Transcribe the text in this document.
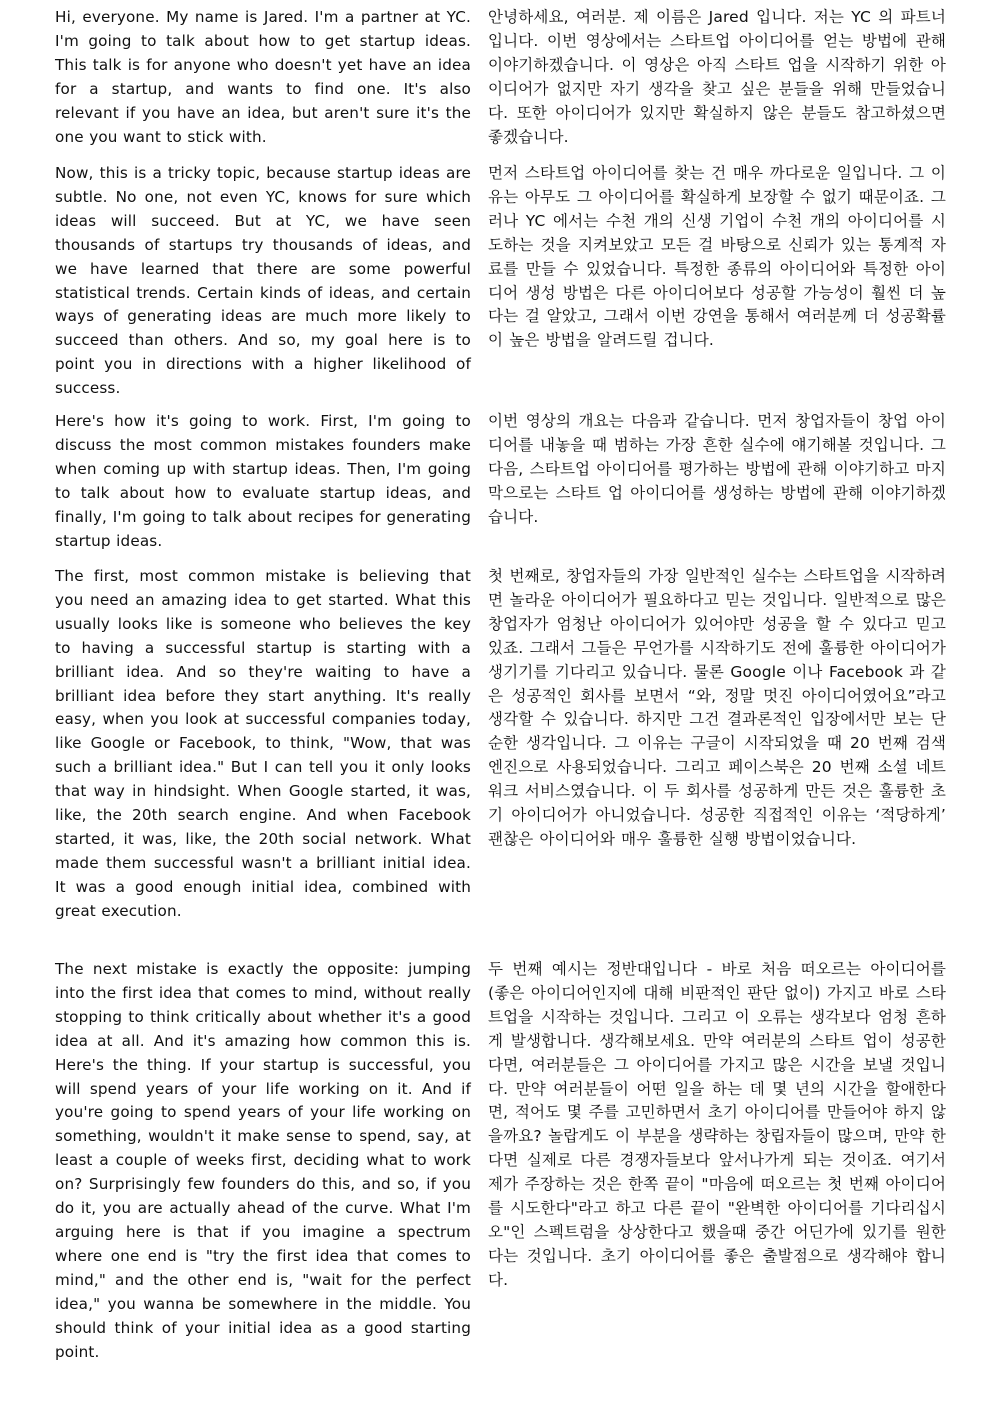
Hi, everyone. My name is Jared. I'm a partner at YC. I'm going to talk about how to get startup ideas. This talk is for anyone who doesn't yet have an idea for a startup, and wants to find one. It's also relevant if you have an idea, but aren't sure it's the one you want to stick with.

안녕하세요, 여러분. 제 이름은 Jared 입니다. 저는 YC 의 파트너입니다. 이번 영상에서는 스타트업 아이디어를 얻는 방법에 관해 이야기하겠습니다. 이 영상은 아직 스타트 업을 시작하기 위한 아이디어가 없지만 자기 생각을 찾고 싶은 분들을 위해 만들었습니다. 또한 아이디어가 있지만 확실하지 않은 분들도 참고하셨으면 좋겠습니다.

Now, this is a tricky topic, because startup ideas are subtle. No one, not even YC, knows for sure which ideas will succeed. But at YC, we have seen thousands of startups try thousands of ideas, and we have learned that there are some powerful statistical trends. Certain kinds of ideas, and certain ways of generating ideas are much more likely to succeed than others. And so, my goal here is to point you in directions with a higher likelihood of success.

먼저 스타트업 아이디어를 찾는 건 매우 까다로운 일입니다. 그 이유는 아무도 그 아이디어를 확실하게 보장할 수 없기 때문이죠. 그러나 YC 에서는 수천 개의 신생 기업이 수천 개의 아이디어를 시도하는 것을 지켜보았고 모든 걸 바탕으로 신뢰가 있는 통계적 자료를 만들 수 있었습니다. 특정한 종류의 아이디어와 특정한 아이디어 생성 방법은 다른 아이디어보다 성공할 가능성이 훨씬 더 높다는 걸 알았고, 그래서 이번 강연을 통해서 여러분께 더 성공확률이 높은 방법을 알려드릴 겁니다.

Here's how it's going to work. First, I'm going to discuss the most common mistakes founders make when coming up with startup ideas. Then, I'm going to talk about how to evaluate startup ideas, and finally, I'm going to talk about recipes for generating startup ideas.

이번 영상의 개요는 다음과 같습니다. 먼저 창업자들이 창업 아이디어를 내놓을 때 범하는 가장 흔한 실수에 얘기해볼 것입니다. 그다음, 스타트업 아이디어를 평가하는 방법에 관해 이야기하고 마지막으로는 스타트 업 아이디어를 생성하는 방법에 관해 이야기하겠습니다.

The first, most common mistake is believing that you need an amazing idea to get started. What this usually looks like is someone who believes the key to having a successful startup is starting with a brilliant idea. And so they're waiting to have a brilliant idea before they start anything. It's really easy, when you look at successful companies today, like Google or Facebook, to think, "Wow, that was such a brilliant idea." But I can tell you it only looks that way in hindsight. When Google started, it was, like, the 20th search engine. And when Facebook started, it was, like, the 20th social network. What made them successful wasn't a brilliant initial idea. It was a good enough initial idea, combined with great execution.

첫 번째로, 창업자들의 가장 일반적인 실수는 스타트업을 시작하려면 놀라운 아이디어가 필요하다고 믿는 것입니다. 일반적으로 많은 창업자가 엄청난 아이디어가 있어야만 성공을 할 수 있다고 믿고 있죠. 그래서 그들은 무언가를 시작하기도 전에 훌륭한 아이디어가 생기기를 기다리고 있습니다. 물론 Google 이나 Facebook 과 같은 성공적인 회사를 보면서 “와, 정말 멋진 아이디어였어요”라고 생각할 수 있습니다. 하지만 그건 결과론적인 입장에서만 보는 단순한 생각입니다. 그 이유는 구글이 시작되었을 때 20 번째 검색 엔진으로 사용되었습니다. 그리고 페이스북은 20 번째 소셜 네트워크 서비스였습니다. 이 두 회사를 성공하게 만든 것은 훌륭한 초기 아이디어가 아니었습니다. 성공한 직접적인 이유는 ‘적당하게’ 괜찮은 아이디어와 매우 훌륭한 실행 방법이었습니다.

The next mistake is exactly the opposite: jumping into the first idea that comes to mind, without really stopping to think critically about whether it's a good idea at all. And it's amazing how common this is. Here's the thing. If your startup is successful, you will spend years of your life working on it. And if you're going to spend years of your life working on something, wouldn't it make sense to spend, say, at least a couple of weeks first, deciding what to work on? Surprisingly few founders do this, and so, if you do it, you are actually ahead of the curve. What I'm arguing here is that if you imagine a spectrum where one end is "try the first idea that comes to mind," and the other end is, "wait for the perfect idea," you wanna be somewhere in the middle. You should think of your initial idea as a good starting point.

두 번째 예시는 정반대입니다 - 바로 처음 떠오르는 아이디어를 (좋은 아이디어인지에 대해 비판적인 판단 없이) 가지고 바로 스타트업을 시작하는 것입니다. 그리고 이 오류는 생각보다 엄청 흔하게 발생합니다. 생각해보세요. 만약 여러분의 스타트 업이 성공한다면, 여러분들은 그 아이디어를 가지고 많은 시간을 보낼 것입니다. 만약 여러분들이 어떤 일을 하는 데 몇 년의 시간을 할애한다면, 적어도 몇 주를 고민하면서 초기 아이디어를 만들어야 하지 않을까요? 놀랍게도 이 부분을 생략하는 창립자들이 많으며, 만약 한다면 실제로 다른 경쟁자들보다 앞서나가게 되는 것이죠. 여기서 제가 주장하는 것은 한쪽 끝이 "마음에 떠오르는 첫 번째 아이디어를 시도한다"라고 하고 다른 끝이 "완벽한 아이디어를 기다리십시오"인 스펙트럼을 상상한다고 했을때 중간 어딘가에 있기를 원한다는 것입니다. 초기 아이디어를 좋은 출발점으로 생각해야 합니다.
